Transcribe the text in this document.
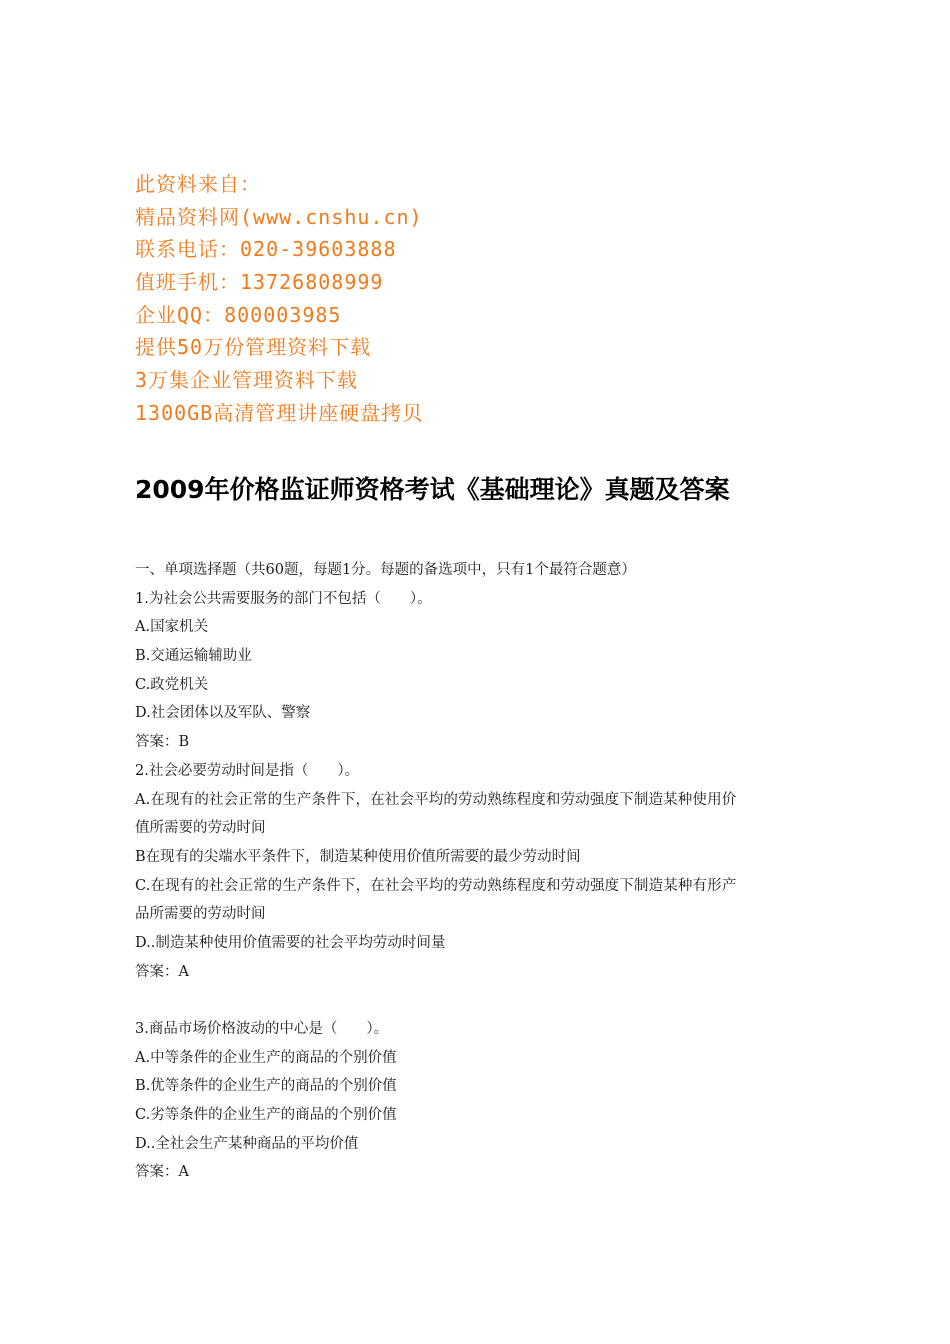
此资料来自：
精品资料网(www.cnshu.cn)
联系电话：020-39603888
值班手机：13726808999
企业QQ：800003985
提供50万份管理资料下载
3万集企业管理资料下载
1300GB高清管理讲座硬盘拷贝
2009年价格监证师资格考试《基础理论》真题及答案
一、单项选择题（共60题，每题1分。每题的备选项中，只有1个最符合题意）
1.为社会公共需要服务的部门不包括（　　）。
A.国家机关
B.交通运输辅助业
C.政党机关
D.社会团体以及军队、警察
答案：B
2.社会必要劳动时间是指（　　）。
A.在现有的社会正常的生产条件下，在社会平均的劳动熟练程度和劳动强度下制造某种使用价
值所需要的劳动时间
B在现有的尖端水平条件下，制造某种使用价值所需要的最少劳动时间
C.在现有的社会正常的生产条件下，在社会平均的劳动熟练程度和劳动强度下制造某种有形产
品所需要的劳动时间
D..制造某种使用价值需要的社会平均劳动时间量
答案：A
3.商品市场价格波动的中心是（　　）。
A.中等条件的企业生产的商品的个别价值
B.优等条件的企业生产的商品的个别价值
C.劣等条件的企业生产的商品的个别价值
D..全社会生产某种商品的平均价值
答案：A
